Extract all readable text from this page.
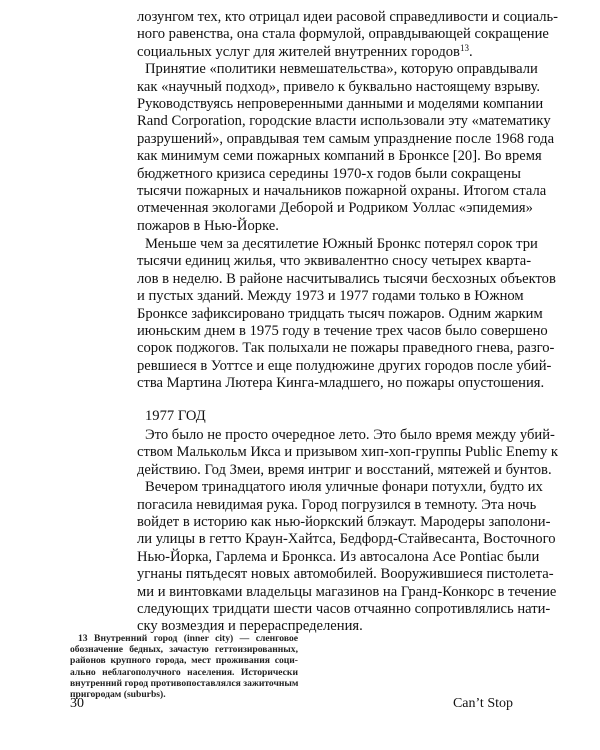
лозунгом тех, кто отрицал идеи расовой справедливости и социаль-
ного равенства, она стала формулой, оправдывающей сокращение
социальных услуг для жителей внутренних городов$^{13}$.
Принятие «политики невмешательства», которую оправдывали
как «научный подход», привело к буквально настоящему взрыву.
Руководствуясь непроверенными данными и моделями компании
Rand Corporation, городские власти использовали эту «математику
разрушений», оправдывая тем самым упразднение после 1968 года
как минимум семи пожарных компаний в Бронксе [20]. Во время
бюджетного кризиса середины 1970-х годов были сокращены
тысячи пожарных и начальников пожарной охраны. Итогом стала
отмеченная экологами Деборой и Родриком Уоллас «эпидемия»
пожаров в Нью-Йорке.
Меньше чем за десятилетие Южный Бронкс потерял сорок три
тысячи единиц жилья, что эквивалентно сносу четырех кварта-
лов в неделю. В районе насчитывались тысячи бесхозных объектов
и пустых зданий. Между 1973 и 1977 годами только в Южном
Бронксе зафиксировано тридцать тысяч пожаров. Одним жарким
июньским днем в 1975 году в течение трех часов было совершено
сорок поджогов. Так полыхали не пожары праведного гнева, разго-
ревшиеся в Уоттсе и еще полудюжине других городов после убий-
ства Мартина Лютера Кинга-младшего, но пожары опустошения.
1977 ГОД
Это было не просто очередное лето. Это было время между убий-
ством Малькольм Икса и призывом хип-хоп-группы Public Enemy к
действию. Год Змеи, время интриг и восстаний, мятежей и бунтов.
Вечером тринадцатого июля уличные фонари потухли, будто их
погасила невидимая рука. Город погрузился в темноту. Эта ночь
войдет в историю как нью-йоркский блэкаут. Мародеры заполони-
ли улицы в гетто Краун-Хайтса, Бедфорд-Стайвесанта, Восточного
Нью-Йорка, Гарлема и Бронкса. Из автосалона Ace Pontiac были
угнаны пятьдесят новых автомобилей. Вооружившиеся пистолета-
ми и винтовками владельцы магазинов на Гранд-Конкорс в течение
следующих тридцати шести часов отчаянно сопротивлялись нати-
ску возмездия и перераспределения.
13 Внутренний город (inner city) — сленговое
обозначение бедных, зачастую геттоизированных,
районов крупного города, мест проживания соци-
ально неблагополучного населения. Исторически
внутренний город противопоставлялся зажиточным
пригородам (suburbs).
30	Can’t Stop
